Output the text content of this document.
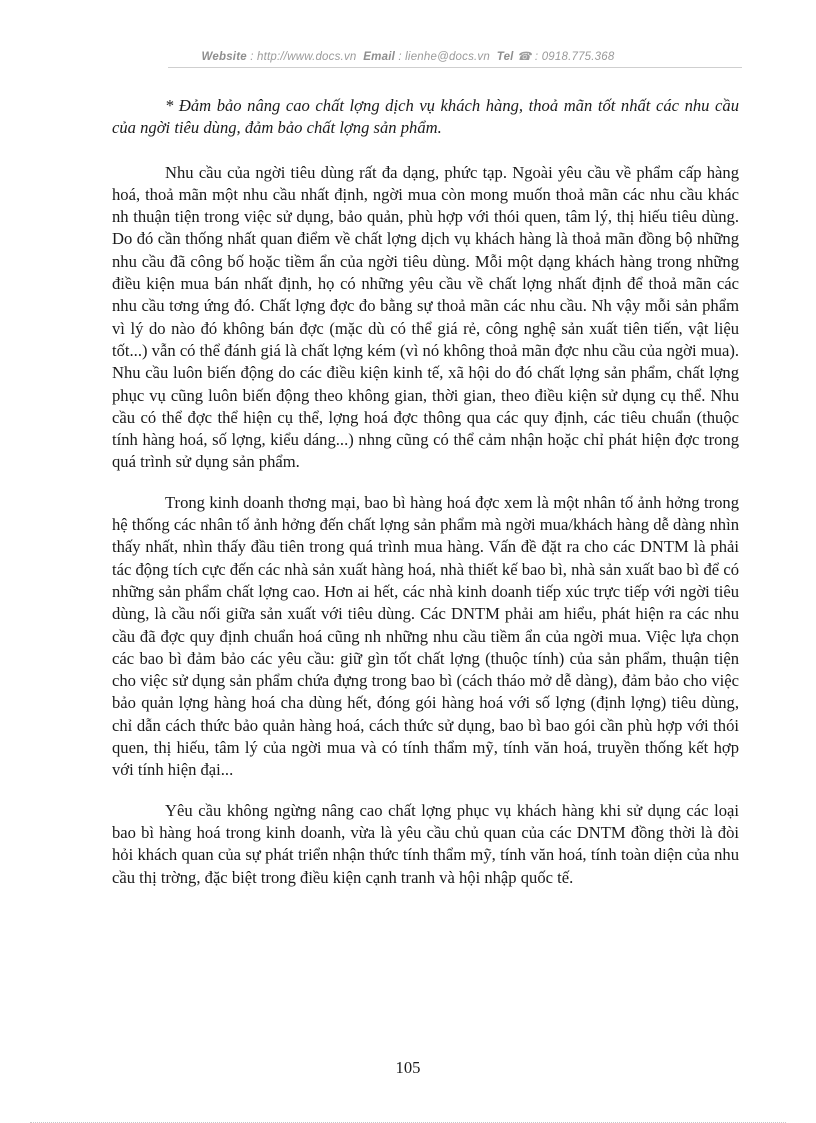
Website : http://www.docs.vn Email : lienhe@docs.vn Tel ☎ : 0918.775.368

* Đảm bảo nâng cao chất lợng dịch vụ khách hàng, thoả mãn tốt nhất các nhu cầu của ngời tiêu dùng, đảm bảo chất lợng sản phẩm.

Nhu cầu của ngời tiêu dùng rất đa dạng, phức tạp. Ngoài yêu cầu về phẩm cấp hàng hoá, thoả mãn một nhu cầu nhất định, ngời mua còn mong muốn thoả mãn các nhu cầu khác nh thuận tiện trong việc sử dụng, bảo quản, phù hợp với thói quen, tâm lý, thị hiếu tiêu dùng. Do đó cần thống nhất quan điểm về chất lợng dịch vụ khách hàng là thoả mãn đồng bộ những nhu cầu đã công bố hoặc tiềm ẩn của ngời tiêu dùng. Mỗi một dạng khách hàng trong những điều kiện mua bán nhất định, họ có những yêu cầu về chất lợng nhất định để thoả mãn các nhu cầu tơng ứng đó. Chất lợng đợc đo bằng sự thoả mãn các nhu cầu. Nh vậy mỗi sản phẩm vì lý do nào đó không bán đợc (mặc dù có thể giá rẻ, công nghệ sản xuất tiên tiến, vật liệu tốt...) vẫn có thể đánh giá là chất lợng kém (vì nó không thoả mãn đợc nhu cầu của ngời mua). Nhu cầu luôn biến động do các điều kiện kinh tế, xã hội do đó chất lợng sản phẩm, chất lợng phục vụ cũng luôn biến động theo không gian, thời gian, theo điều kiện sử dụng cụ thể. Nhu cầu có thể đợc thể hiện cụ thể, lợng hoá đợc thông qua các quy định, các tiêu chuẩn (thuộc tính hàng hoá, số lợng, kiểu dáng...) nhng cũng có thể cảm nhận hoặc chỉ phát hiện đợc trong quá trình sử dụng sản phẩm.

Trong kinh doanh thơng mại, bao bì hàng hoá đợc xem là một nhân tố ảnh hởng trong hệ thống các nhân tố ảnh hởng đến chất lợng sản phẩm mà ngời mua/khách hàng dễ dàng nhìn thấy nhất, nhìn thấy đầu tiên trong quá trình mua hàng. Vấn đề đặt ra cho các DNTM là phải tác động tích cực đến các nhà sản xuất hàng hoá, nhà thiết kế bao bì, nhà sản xuất bao bì để có những sản phẩm chất lợng cao. Hơn ai hết, các nhà kinh doanh tiếp xúc trực tiếp với ngời tiêu dùng, là cầu nối giữa sản xuất với tiêu dùng. Các DNTM phải am hiểu, phát hiện ra các nhu cầu đã đợc quy định chuẩn hoá cũng nh những nhu cầu tiềm ẩn của ngời mua. Việc lựa chọn các bao bì đảm bảo các yêu cầu: giữ gìn tốt chất lợng (thuộc tính) của sản phẩm, thuận tiện cho việc sử dụng sản phẩm chứa đựng trong bao bì (cách tháo mở dễ dàng), đảm bảo cho việc bảo quản lợng hàng hoá cha dùng hết, đóng gói hàng hoá với số lợng (định lợng) tiêu dùng, chỉ dẫn cách thức bảo quản hàng hoá, cách thức sử dụng, bao bì bao gói cần phù hợp với thói quen, thị hiếu, tâm lý của ngời mua và có tính thẩm mỹ, tính văn hoá, truyền thống kết hợp với tính hiện đại...

Yêu cầu không ngừng nâng cao chất lợng phục vụ khách hàng khi sử dụng các loại bao bì hàng hoá trong kinh doanh, vừa là yêu cầu chủ quan của các DNTM đồng thời là đòi hỏi khách quan của sự phát triển nhận thức tính thẩm mỹ, tính văn hoá, tính toàn diện của nhu cầu thị trờng, đặc biệt trong điều kiện cạnh tranh và hội nhập quốc tế.

105
